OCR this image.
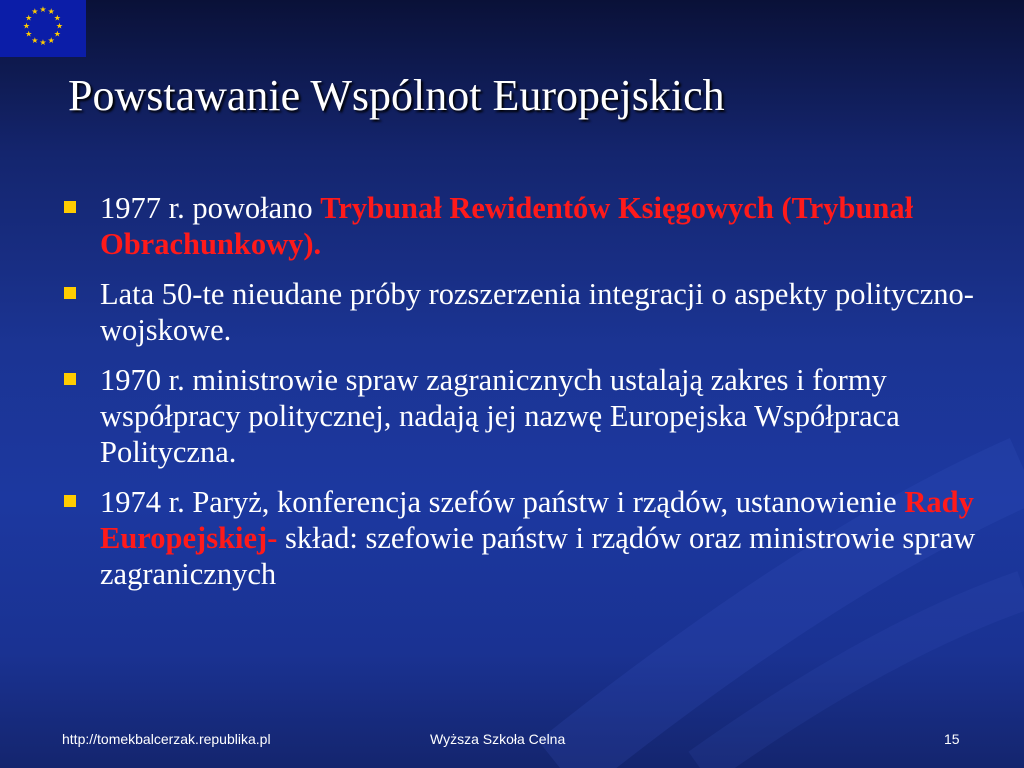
★ ★
★
★
★
★
★
★
★
★
★
★
Powstawanie Wspólnot Europejskich
1977 r. powołano Trybunał Rewidentów Księgowych (Trybunał Obrachunkowy).
Lata 50-te nieudane próby rozszerzenia integracji o aspekty polityczno-wojskowe.
1970 r. ministrowie spraw zagranicznych ustalają zakres i formy współpracy politycznej, nadają jej nazwę Europejska Współpraca Polityczna.
1974 r. Paryż, konferencja szefów państw i rządów, ustanowienie Rady Europejskiej- skład: szefowie państw i rządów oraz ministrowie spraw zagranicznych
http://tomekbalcerzak.republika.pl	Wyższa Szkoła Celna	15
